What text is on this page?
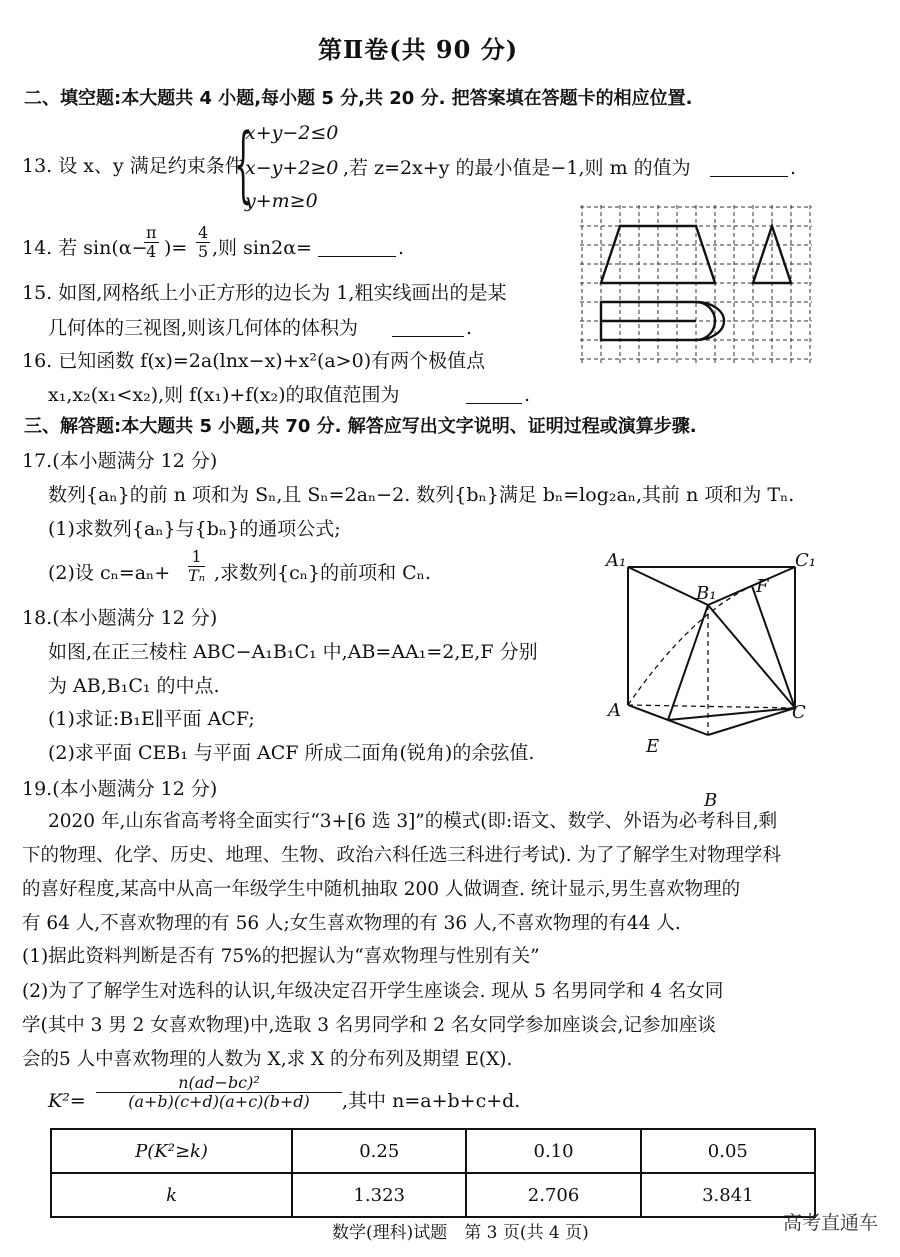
第Ⅱ卷(共 90 分)
二、填空题:本大题共 4 小题,每小题 5 分,共 20 分. 把答案填在答题卡的相应位置.
13. 设 x、y 满足约束条件
{
x+y−2≤0
x−y+2≥0
y+m≥0
,若 z=2x+y 的最小值是−1,则 m 的值为	.
14. 若 sin(α−
$\frac{\pi}{4}$ )= $\frac{4}{5}$ ,则 sin2α=	.
15. 如图,网格纸上小正方形的边长为 1,粗实线画出的是某
几何体的三视图,则该几何体的体积为	.
16. 已知函数 f(x)=2a(lnx−x)+x²(a>0)有两个极值点
x₁,x₂(x₁<x₂),则 f(x₁)+f(x₂)的取值范围为	.
三、解答题:本大题共 5 小题,共 70 分. 解答应写出文字说明、证明过程或演算步骤.
17.(本小题满分 12 分)
数列{aₙ}的前 n 项和为 Sₙ,且 Sₙ=2aₙ−2. 数列{bₙ}满足 bₙ=log₂aₙ,其前 n 项和为 Tₙ.
(1)求数列{aₙ}与{bₙ}的通项公式;
(2)设 $c_n=a_n+ \frac{1}{\text{Tₙ}}$ ,求数列{cₙ}的前项和 Cₙ.
18.(本小题满分 12 分)
如图,在正三棱柱 ABC−A₁B₁C₁ 中,AB=AA₁=2,E,F 分别
为 AB,B₁C₁ 的中点.
(1)求证:B₁E∥平面 ACF;
(2)求平面 CEB₁ 与平面 ACF 所成二面角(锐角)的余弦值.
A₁
B₁
C₁
F
A	C
E
B
19.(本小题满分 12 分)
2020 年,山东省高考将全面实行“3+[6 选 3]”的模式(即:语文、数学、外语为必考科目,剩
下的物理、化学、历史、地理、生物、政治六科任选三科进行考试). 为了了解学生对物理学科
的喜好程度,某高中从高一年级学生中随机抽取 200 人做调查. 统计显示,男生喜欢物理的
有 64 人,不喜欢物理的有 56 人;女生喜欢物理的有 36 人,不喜欢物理的有44 人.
(1)据此资料判断是否有 75%的把握认为“喜欢物理与性别有关”
(2)为了了解学生对选科的认识,年级决定召开学生座谈会. 现从 5 名男同学和 4 名女同
学(其中 3 男 2 女喜欢物理)中,选取 3 名男同学和 2 名女同学参加座谈会,记参加座谈
会的5 人中喜欢物理的人数为 X,求 X 的分布列及期望 E(X).
$K^2= \frac{\text{n(ad−bc)²}}{(a+b)(c+d)(a+c)(b+d)}$ ,其中 n=a+b+c+d.
P(K²≥k)	0.25	0.10	0.05
k	1.323	2.706	3.841
数学(理科)试题　第 3 页(共 4 页)	高考直通车
